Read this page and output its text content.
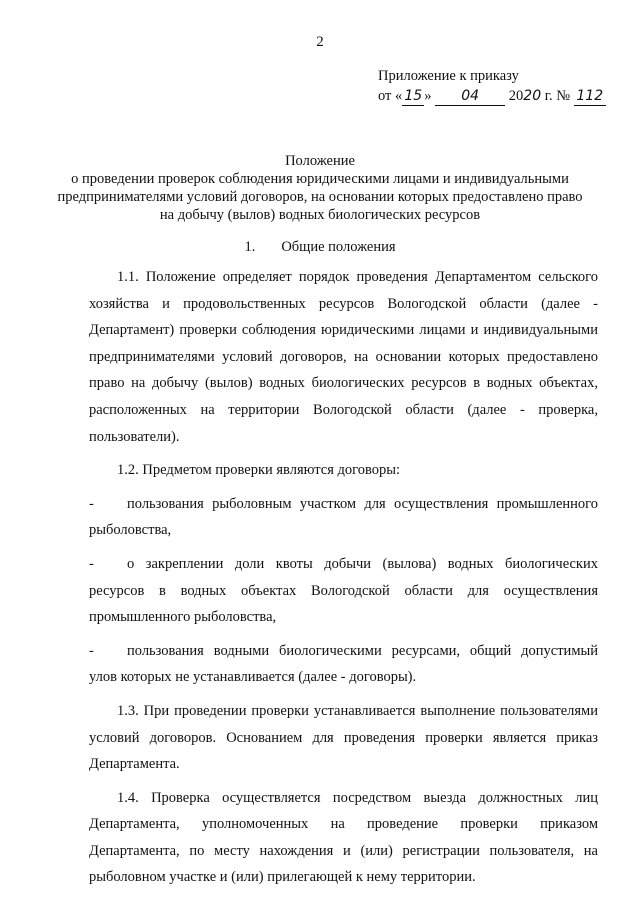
2
Приложение к приказу
от « 15 » 04 2020 г. № 112
Положение
о проведении проверок соблюдения юридическими лицами и индивидуальными предпринимателями условий договоров, на основании которых предоставлено право на добычу (вылов) водных биологических ресурсов
1. Общие положения

1.1. Положение определяет порядок проведения Департаментом сельского хозяйства и продовольственных ресурсов Вологодской области (далее - Департамент) проверки соблюдения юридическими лицами и индивидуальными предпринимателями условий договоров, на основании которых предоставлено право на добычу (вылов) водных биологических ресурсов в водных объектах, расположенных на территории Вологодской области (далее - проверка, пользователи).

1.2. Предметом проверки являются договоры:

- пользования рыболовным участком для осуществления промышленного рыболовства,

- о закреплении доли квоты добычи (вылова) водных биологических ресурсов в водных объектах Вологодской области для осуществления промышленного рыболовства,

- пользования водными биологическими ресурсами, общий допустимый улов которых не устанавливается (далее - договоры).

1.3. При проведении проверки устанавливается выполнение пользователями условий договоров. Основанием для проведения проверки является приказ Департамента.

1.4. Проверка осуществляется посредством выезда должностных лиц Департамента, уполномоченных на проведение проверки приказом Департамента, по месту нахождения и (или) регистрации пользователя, на рыболовном участке и (или) прилегающей к нему территории.
